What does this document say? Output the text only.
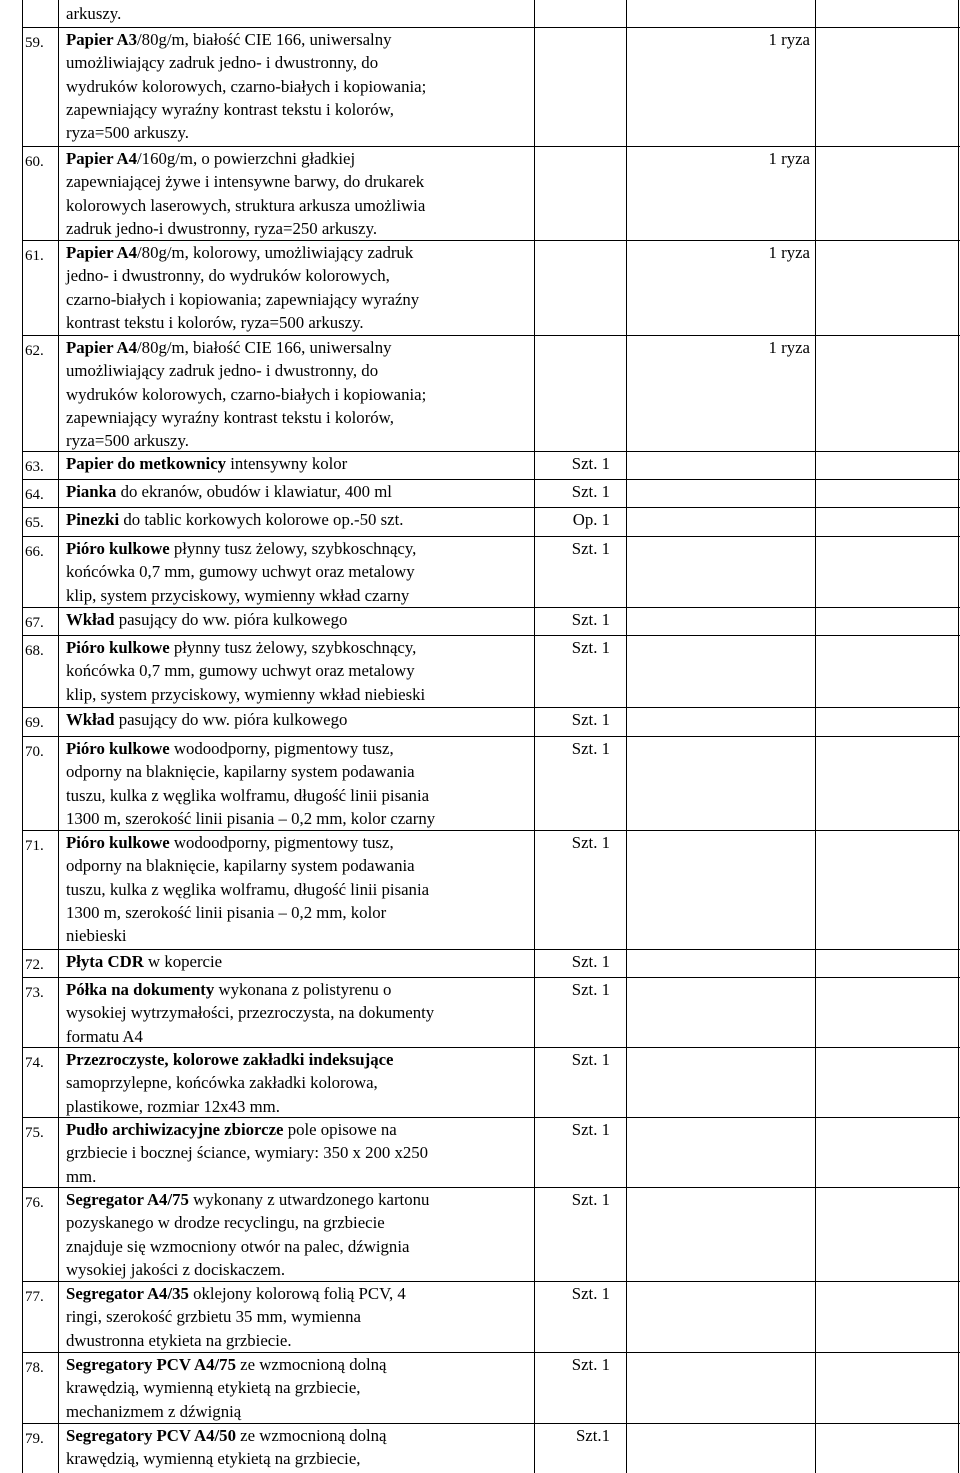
arkuszy.
59.	Papier A3/80g/m, białość CIE 166, uniwersalny
umożliwiający zadruk jedno- i dwustronny, do
wydruków kolorowych, czarno-białych i kopiowania;
zapewniający wyraźny kontrast tekstu i kolorów,
ryza=500 arkuszy.
1 ryza
60.	Papier A4/160g/m, o powierzchni gładkiej
zapewniającej żywe i intensywne barwy, do drukarek
kolorowych laserowych, struktura arkusza umożliwia
zadruk jedno-i dwustronny, ryza=250 arkuszy.
1 ryza
61.	Papier A4/80g/m, kolorowy, umożliwiający zadruk
jedno- i dwustronny, do wydruków kolorowych,
czarno-białych i kopiowania; zapewniający wyraźny
kontrast tekstu i kolorów, ryza=500 arkuszy.
1 ryza
62.	Papier A4/80g/m, białość CIE 166, uniwersalny
umożliwiający zadruk jedno- i dwustronny, do
wydruków kolorowych, czarno-białych i kopiowania;
zapewniający wyraźny kontrast tekstu i kolorów,
ryza=500 arkuszy.
1 ryza
63.	Papier do metkownicy intensywny kolor	Szt. 1
64.	Pianka do ekranów, obudów i klawiatur, 400 ml	Szt. 1
65.	Pinezki do tablic korkowych kolorowe op.-50 szt.	Op. 1
66.	Pióro kulkowe płynny tusz żelowy, szybkoschnący,
końcówka 0,7 mm, gumowy uchwyt oraz metalowy
klip, system przyciskowy, wymienny wkład czarny
Szt. 1
67.	Wkład pasujący do ww. pióra kulkowego	Szt. 1
68.	Pióro kulkowe płynny tusz żelowy, szybkoschnący,
końcówka 0,7 mm, gumowy uchwyt oraz metalowy
klip, system przyciskowy, wymienny wkład niebieski
Szt. 1
69.	Wkład pasujący do ww. pióra kulkowego	Szt. 1
70.	Pióro kulkowe wodoodporny, pigmentowy tusz,
odporny na blaknięcie, kapilarny system podawania
tuszu, kulka z węglika wolframu, długość linii pisania
1300 m, szerokość linii pisania – 0,2 mm, kolor czarny
Szt. 1
71.	Pióro kulkowe wodoodporny, pigmentowy tusz,
odporny na blaknięcie, kapilarny system podawania
tuszu, kulka z węglika wolframu, długość linii pisania
1300 m, szerokość linii pisania – 0,2 mm, kolor
niebieski
Szt. 1
72.	Płyta CDR w kopercie	Szt. 1
73.	Półka na dokumenty wykonana z polistyrenu o
wysokiej wytrzymałości, przezroczysta, na dokumenty
formatu A4
Szt. 1
74.	Przezroczyste, kolorowe zakładki indeksujące
samoprzylepne, końcówka zakładki kolorowa,
plastikowe, rozmiar 12x43 mm.
Szt. 1
75.	Pudło archiwizacyjne zbiorcze pole opisowe na
grzbiecie i bocznej ściance, wymiary: 350 x 200 x250
mm.
Szt. 1
76.	Segregator A4/75 wykonany z utwardzonego kartonu
pozyskanego w drodze recyclingu, na grzbiecie
znajduje się wzmocniony otwór na palec, dźwignia
wysokiej jakości z dociskaczem.
Szt. 1
77.	Segregator A4/35 oklejony kolorową folią PCV, 4
ringi, szerokość grzbietu 35 mm, wymienna
dwustronna etykieta na grzbiecie.
Szt. 1
78.	Segregatory PCV A4/75 ze wzmocnioną dolną
krawędzią, wymienną etykietą na grzbiecie,
mechanizmem z dźwignią
Szt. 1
79.	Segregatory PCV A4/50 ze wzmocnioną dolną
krawędzią, wymienną etykietą na grzbiecie,
Szt.1
